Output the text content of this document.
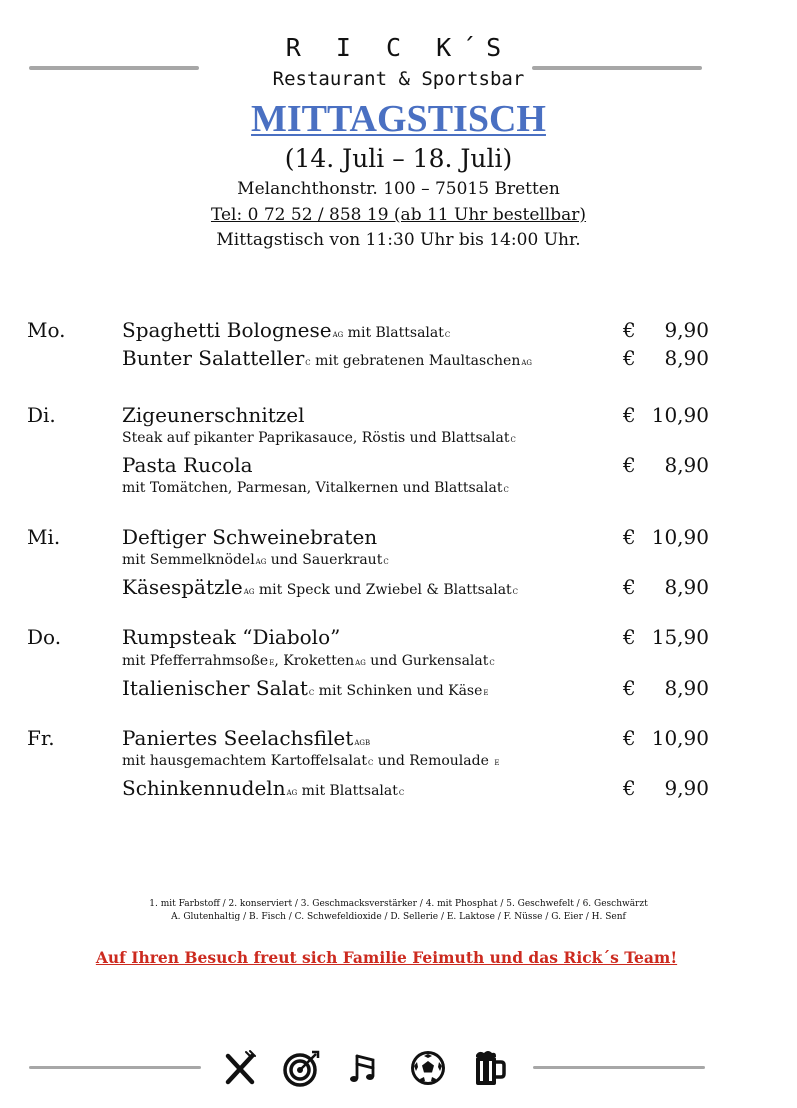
R I C K´S
Restaurant & Sportsbar
MITTAGSTISCH
(14. Juli – 18. Juli)
Melanchthonstr. 100 – 75015 Bretten
Tel: 0 72 52 / 858 19 (ab 11 Uhr bestellbar)
Mittagstisch von 11:30 Uhr bis 14:00 Uhr.
Mo.	Spaghetti BologneseAG mit BlattsalatC	€ 9,90
Bunter SalattellerC mit gebratenen MaultaschenAG	€ 8,90
Di.	Zigeunerschnitzel	€ 10,90
Steak auf pikanter Paprikasauce, Röstis und BlattsalatC
Pasta Rucola	€ 8,90
mit Tomätchen, Parmesan, Vitalkernen und BlattsalatC
Mi.	Deftiger Schweinebraten	€ 10,90
mit SemmelknödelAG und SauerkrautC
KäsespätzleAG mit Speck und Zwiebel & BlattsalatC	€ 8,90
Do.	Rumpsteak “Diabolo”	€ 15,90
mit PfefferrahmsoßeE, KrokettenAG und GurkensalatC
Italienischer SalatC mit Schinken und KäseE	€ 8,90
Fr.	Paniertes SeelachsfiletAGB	€ 10,90
mit hausgemachtem KartoffelsalatC und Remoulade E
SchinkennudelnAG mit BlattsalatC	€ 9,90
1. mit Farbstoff / 2. konserviert / 3. Geschmacksverstärker / 4. mit Phosphat / 5. Geschwefelt / 6. Geschwärzt
A. Glutenhaltig / B. Fisch / C. Schwefeldioxide / D. Sellerie / E. Laktose / F. Nüsse / G. Eier / H. Senf
Auf Ihren Besuch freut sich Familie Feimuth und das Rick´s Team!
